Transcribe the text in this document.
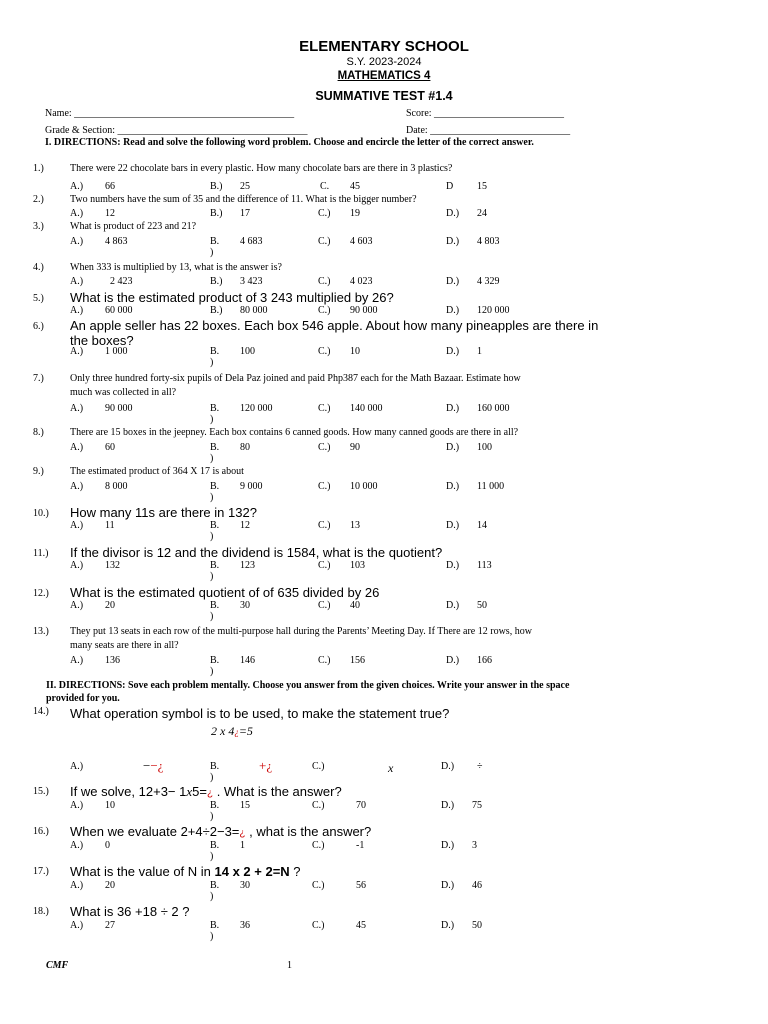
ELEMENTARY SCHOOL
S.Y. 2023-2024
MATHEMATICS 4
SUMMATIVE TEST #1.4
Name: ____________________________________________	Score: __________________________
Grade & Section: ______________________________________	Date: ____________________________
I. DIRECTIONS: Read and solve the following word problem. Choose and encircle the letter of the correct answer.
1.)	There were 22 chocolate bars in every plastic. How many chocolate bars are there in 3 plastics?
A.) 66	B.) 25	C. 45	D 15
2.)	Two numbers have the sum of 35 and the difference of 11. What is the bigger number?
A.) 12	B.) 17	C.) 19	D.) 24
3.)	What is product of 223 and 21?
A.) 4 863	B. 4 683	C.) 4 603	D.) 4 803
)
4.)	When 333 is multiplied by 13, what is the answer is?
A.)	2 423	B.) 3 423	C.) 4 023	D.) 4 329
5.) What is the estimated product of 3 243 multiplied by 26?
A.) 60 000	B.) 80 000	C.) 90 000	D.) 120 000
6.) An apple seller has 22 boxes. Each box 546 apple. About how many pineapples are there in
the boxes?
A.) 1 000	B. 100	C.) 10	D.) 1
)
7.)	Only three hundred forty-six pupils of Dela Paz joined and paid Php387 each for the Math Bazaar. Estimate how
much was collected in all?
A.) 90 000	B. 120 000	C.) 140 000	D.) 160 000
)
8.)	There are 15 boxes in the jeepney. Each box contains 6 canned goods. How many canned goods are there in all?
A.) 60	B. 80	C.) 90	D.) 100
)
9.)	The estimated product of 364 X 17 is about
A.) 8 000	B. 9 000	C.) 10 000	D.) 11 000
)
10.) How many 11s are there in 132?
A.) 11	B. 12	C.) 13	D.) 14
)
11.) If the divisor is 12 and the dividend is 1584, what is the quotient?
A.) 132	B. 123	C.) 103	D.) 113
)
12.) What is the estimated quotient of of 635 divided by 26
A.) 20	B. 30	C.) 40	D.) 50
)
13.) They put 13 seats in each row of the multi-purpose hall during the Parents’ Meeting Day. If There are 12 rows, how
many seats are there in all?
A.) 136	B. 146	C.) 156	D.) 166
)
II. DIRECTIONS: Sove each problem mentally. Choose you answer from the given choices. Write your answer in the space
provided for you.
14.) What operation symbol is to be used, to make the statement true?
2 x 4¿=5
A.)	−−¿	B.	+¿	C.)	x	D.) ÷
)
15.) If we solve, 12+3− 1x5=¿ . What is the answer?
A.) 10	B. 15	C.)	70	D.) 75
)
16.) When we evaluate 2+4÷2−3=¿ , what is the answer?
A.) 0	B. 1	C.)	-1	D.) 3
)
17.) What is the value of N in 14 x 2 + 2=N ?
A.) 20	B. 30	C.)	56	D.) 46
)
18.) What is 36 +18 ÷ 2 ?
A.) 27	B. 36	C.)	45	D.) 50
)
CMF	1
